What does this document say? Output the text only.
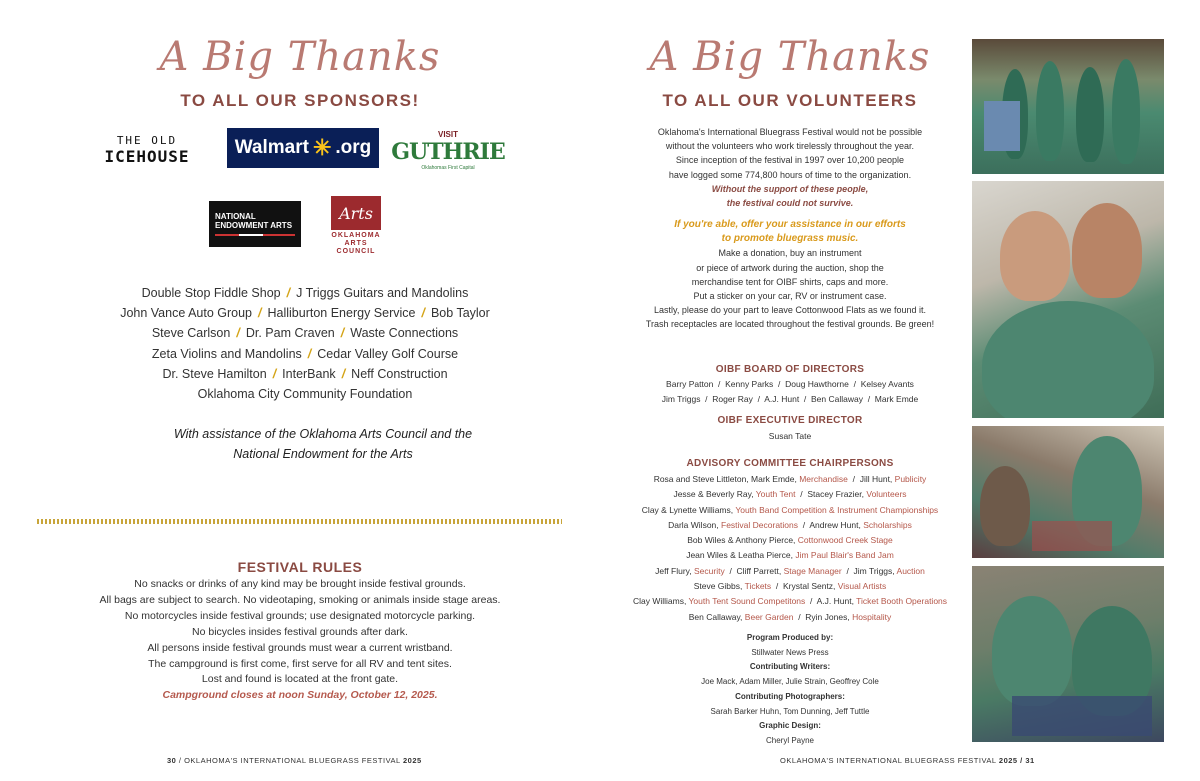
A Big Thanks
TO ALL OUR SPONSORS!
THE OLD
ICEHOUSE Walmart ✳ .org
VISIT
GUTHRIE
Oklahomas First Capital
NATIONAL
ENDOWMENT ARTS
Arts
OKLAHOMA
ARTS
COUNCIL
Double Stop Fiddle Shop / J Triggs Guitars and Mandolins
John Vance Auto Group / Halliburton Energy Service / Bob Taylor
Steve Carlson / Dr. Pam Craven / Waste Connections
Zeta Violins and Mandolins / Cedar Valley Golf Course
Dr. Steve Hamilton / InterBank / Neff Construction
Oklahoma City Community Foundation
With assistance of the Oklahoma Arts Council and the
National Endowment for the Arts
FESTIVAL RULES
No snacks or drinks of any kind may be brought inside festival grounds.
All bags are subject to search. No videotaping, smoking or animals inside stage areas.
No motorcycles inside festival grounds; use designated motorcycle parking.
No bicycles insides festival grounds after dark.
All persons inside festival grounds must wear a current wristband.
The campground is first come, first serve for all RV and tent sites.
Lost and found is located at the front gate.
Campground closes at noon Sunday, October 12, 2025.
30 / OKLAHOMA'S INTERNATIONAL BLUEGRASS FESTIVAL 2025
A Big Thanks
TO ALL OUR VOLUNTEERS
Oklahoma's International Bluegrass Festival would not be possible
without the volunteers who work tirelessly throughout the year.
Since inception of the festival in 1997 over 10,200 people
have logged some 774,800 hours of time to the organization.
Without the support of these people,
the festival could not survive.
If you're able, offer your assistance in our efforts
to promote bluegrass music.
Make a donation, buy an instrument
or piece of artwork during the auction, shop the
merchandise tent for OIBF shirts, caps and more.
Put a sticker on your car, RV or instrument case.
Lastly, please do your part to leave Cottonwood Flats as we found it.
Trash receptacles are located throughout the festival grounds. Be green!
OIBF BOARD OF DIRECTORS
Barry Patton  /  Kenny Parks  /  Doug Hawthorne  /  Kelsey Avants
Jim Triggs  /  Roger Ray  /  A.J. Hunt  /  Ben Callaway  /  Mark Emde
OIBF EXECUTIVE DIRECTOR
Susan Tate
ADVISORY COMMITTEE CHAIRPERSONS
Rosa and Steve Littleton, Mark Emde, Merchandise  /  Jill Hunt, Publicity
Jesse & Beverly Ray, Youth Tent  /  Stacey Frazier, Volunteers
Clay & Lynette Williams, Youth Band Competition & Instrument Championships
Darla Wilson, Festival Decorations  /  Andrew Hunt, Scholarships
Bob Wiles & Anthony Pierce, Cottonwood Creek Stage
Jean Wiles & Leatha Pierce, Jim Paul Blair's Band Jam
Jeff Flury, Security  /  Cliff Parrett, Stage Manager  /  Jim Triggs, Auction
Steve Gibbs, Tickets  /  Krystal Sentz, Visual Artists
Clay Williams, Youth Tent Sound Competitons  /  A.J. Hunt, Ticket Booth Operations
Ben Callaway, Beer Garden  /  Ryin Jones, Hospitality
Program Produced by:
Stillwater News Press
Contributing Writers:
Joe Mack, Adam Miller, Julie Strain, Geoffrey Cole
Contributing Photographers:
Sarah Barker Huhn, Tom Dunning, Jeff Tuttle
Graphic Design:
Cheryl Payne
OKLAHOMA'S INTERNATIONAL BLUEGRASS FESTIVAL 2025 / 31
